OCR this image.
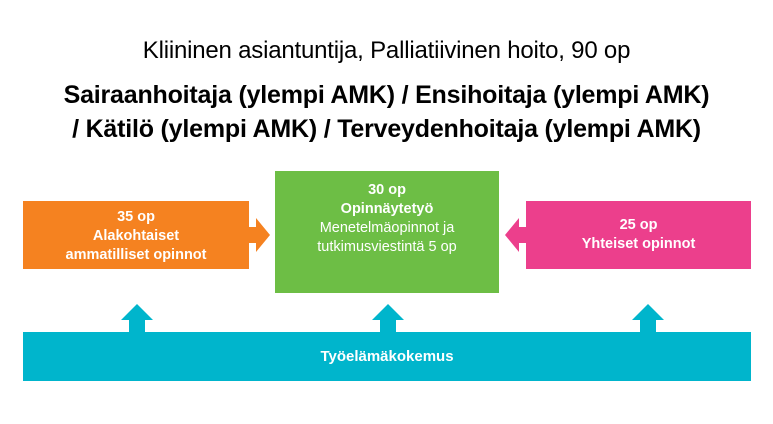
Kliininen asiantuntija, Palliatiivinen hoito, 90 op
Sairaanhoitaja (ylempi AMK) / Ensihoitaja (ylempi AMK)
/ Kätilö (ylempi AMK) / Terveydenhoitaja (ylempi AMK)
35 op
Alakohtaiset
ammatilliset opinnot
30 op
Opinnäytetyö
Menetelmäopinnot ja
tutkimusviestintä 5 op
25 op
Yhteiset opinnot
Työelämäkokemus
